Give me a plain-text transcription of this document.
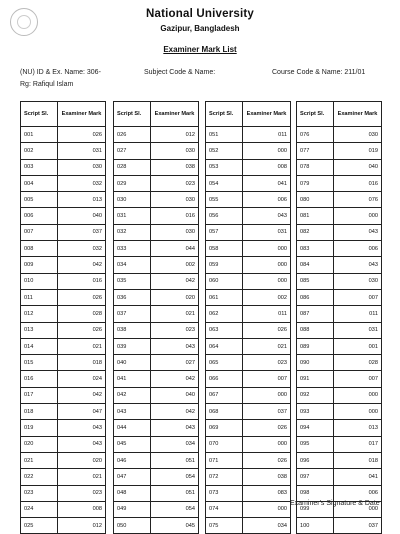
National University
Gazipur, Bangladesh
Examiner Mark List
(NU) ID & Ex. Name: 306-	Subject Code & Name:	Course Code & Name: 211/01
Rg: Rafiqul Islam
Script Sl.	Examiner Mark
001	026
002	031
003	030
004	032
005	013
006	040
007	037
008	032
009	042
010	016
011	026
012	028
013	026
014	021
015	018
016	024
017	042
018	047
019	043
020	043
021	020
022	021
023	023
024	008
025	012
Script Sl.	Examiner Mark
026	012
027	030
028	038
029	023
030	030
031	016
032	030
033	044
034	002
035	042
036	020
037	021
038	023
039	043
040	027
041	042
042	040
043	042
044	043
045	034
046	051
047	054
048	051
049	054
050	045
Script Sl.	Examiner Mark
051	011
052	000
053	008
054	041
055	006
056	043
057	031
058	000
059	000
060	000
061	002
062	011
063	026
064	021
065	023
066	007
067	000
068	037
069	026
070	000
071	026
072	038
073	083
074	000
075	034
Script Sl.	Examiner Mark
076	030
077	019
078	040
079	016
080	076
081	000
082	043
083	006
084	043
085	030
086	007
087	011
088	031
089	001
090	028
091	007
092	000
093	000
094	013
095	017
096	018
097	041
098	006
099	000
100	037
Examiner's Signature & Date
